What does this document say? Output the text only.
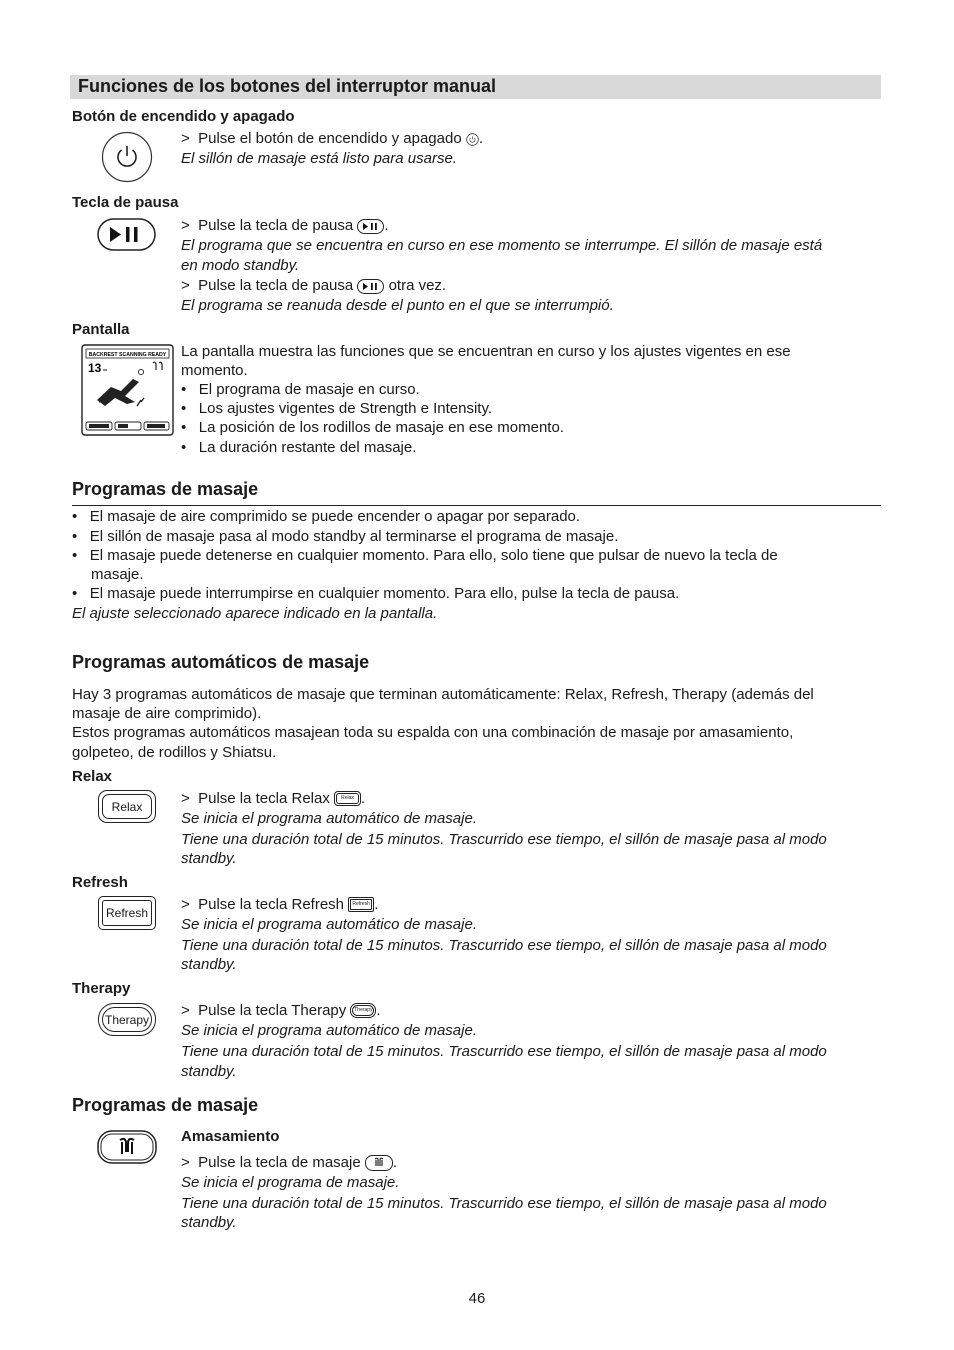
Funciones de los botones del interruptor manual
Botón de encendido y apagado
>  Pulse el botón de encendido y apagado .
El sillón de masaje está listo para usarse.
Tecla de pausa
>  Pulse la tecla de pausa .
El programa que se encuentra en curso en ese momento se interrumpe. El sillón de masaje está
en modo standby.
>  Pulse la tecla de pausa otra vez.
El programa se reanuda desde el punto en el que se interrumpió.
Pantalla
BACKREST SCANNING READY
13
La pantalla muestra las funciones que se encuentran en curso y los ajustes vigentes en ese
momento.
•   El programa de masaje en curso.
•   Los ajustes vigentes de Strength e Intensity.
•   La posición de los rodillos de masaje en ese momento.
•   La duración restante del masaje.
Programas de masaje
•   El masaje de aire comprimido se puede encender o apagar por separado.
•   El sillón de masaje pasa al modo standby al terminarse el programa de masaje.
•   El masaje puede detenerse en cualquier momento. Para ello, solo tiene que pulsar de nuevo la tecla de
masaje.
•   El masaje puede interrumpirse en cualquier momento. Para ello, pulse la tecla de pausa.
El ajuste seleccionado aparece indicado en la pantalla.
Programas automáticos de masaje
Hay 3 programas automáticos de masaje que terminan automáticamente: Relax, Refresh, Therapy (además del
masaje de aire comprimido).
Estos programas automáticos masajean toda su espalda con una combinación de masaje por amasamiento,
golpeteo, de rodillos y Shiatsu.
Relax
Relax	>  Pulse la tecla Relax	Relax .
Se inicia el programa automático de masaje.
Tiene una duración total de 15 minutos. Trascurrido ese tiempo, el sillón de masaje pasa al modo
standby.
Refresh
Refresh >  Pulse la tecla Refresh	Refresh .
Se inicia el programa automático de masaje.
Tiene una duración total de 15 minutos. Trascurrido ese tiempo, el sillón de masaje pasa al modo
standby.
Therapy
Therapy
>  Pulse la tecla Therapy	Therapy .
Se inicia el programa automático de masaje.
Tiene una duración total de 15 minutos. Trascurrido ese tiempo, el sillón de masaje pasa al modo
standby.
Programas de masaje
Amasamiento
>  Pulse la tecla de masaje .
Se inicia el programa de masaje.
Tiene una duración total de 15 minutos. Trascurrido ese tiempo, el sillón de masaje pasa al modo
standby.
46
